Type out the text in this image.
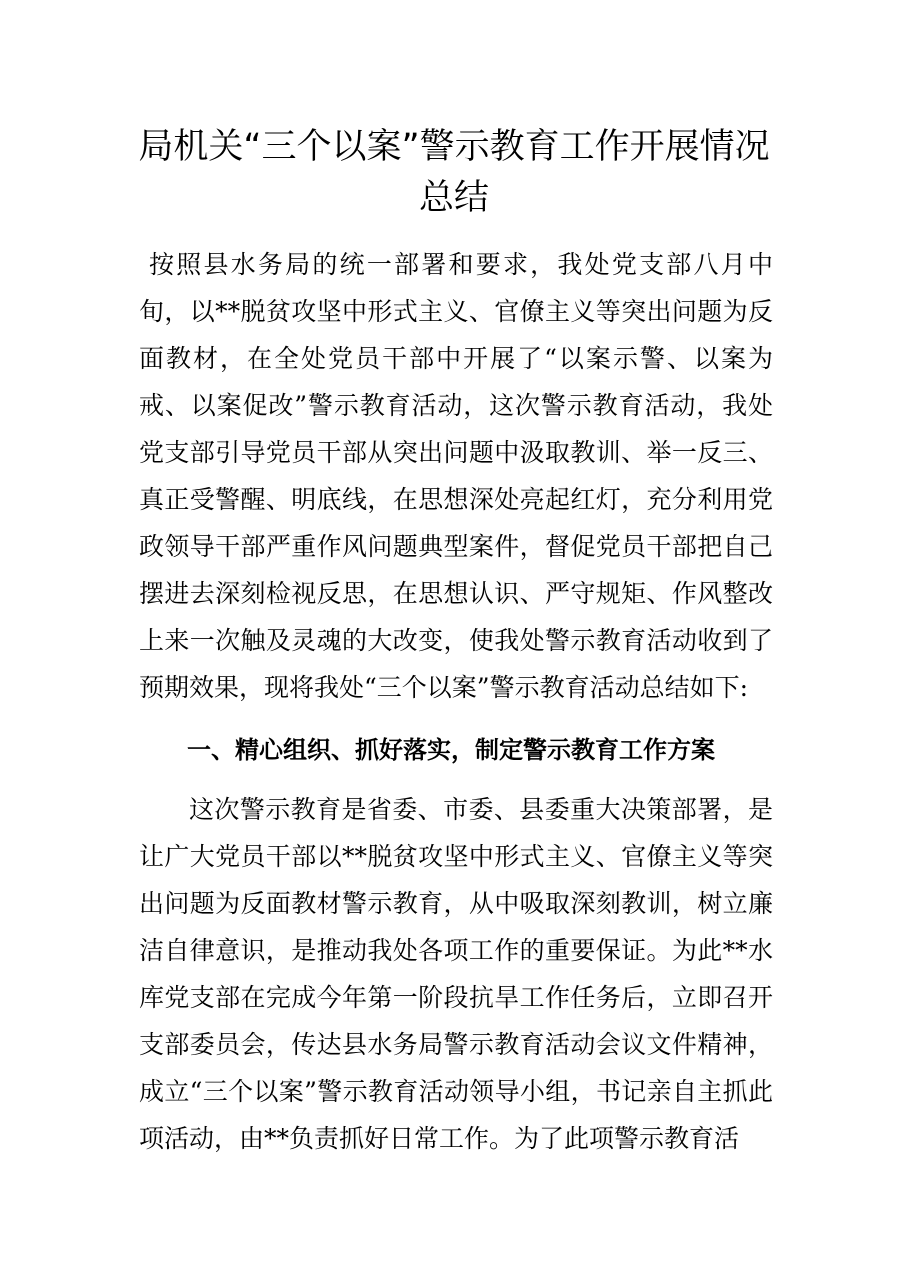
局机关“三个以案”警示教育工作开展情况
总结

按照县水务局的统一部署和要求，我处党支部八月中旬，以**脱贫攻坚中形式主义、官僚主义等突出问题为反面教材，在全处党员干部中开展了“以案示警、以案为戒、以案促改”警示教育活动，这次警示教育活动，我处党支部引导党员干部从突出问题中汲取教训、举一反三、真正受警醒、明底线，在思想深处亮起红灯，充分利用党政领导干部严重作风问题典型案件，督促党员干部把自己摆进去深刻检视反思，在思想认识、严守规矩、作风整改上来一次触及灵魂的大改变，使我处警示教育活动收到了预期效果，现将我处“三个以案”警示教育活动总结如下:

一、精心组织、抓好落实，制定警示教育工作方案

这次警示教育是省委、市委、县委重大决策部署，是让广大党员干部以**脱贫攻坚中形式主义、官僚主义等突出问题为反面教材警示教育，从中吸取深刻教训，树立廉洁自律意识，是推动我处各项工作的重要保证。为此**水库党支部在完成今年第一阶段抗旱工作任务后，立即召开支部委员会，传达县水务局警示教育活动会议文件精神，成立“三个以案”警示教育活动领导小组，书记亲自主抓此项活动，由**负责抓好日常工作。为了此项警示教育活
